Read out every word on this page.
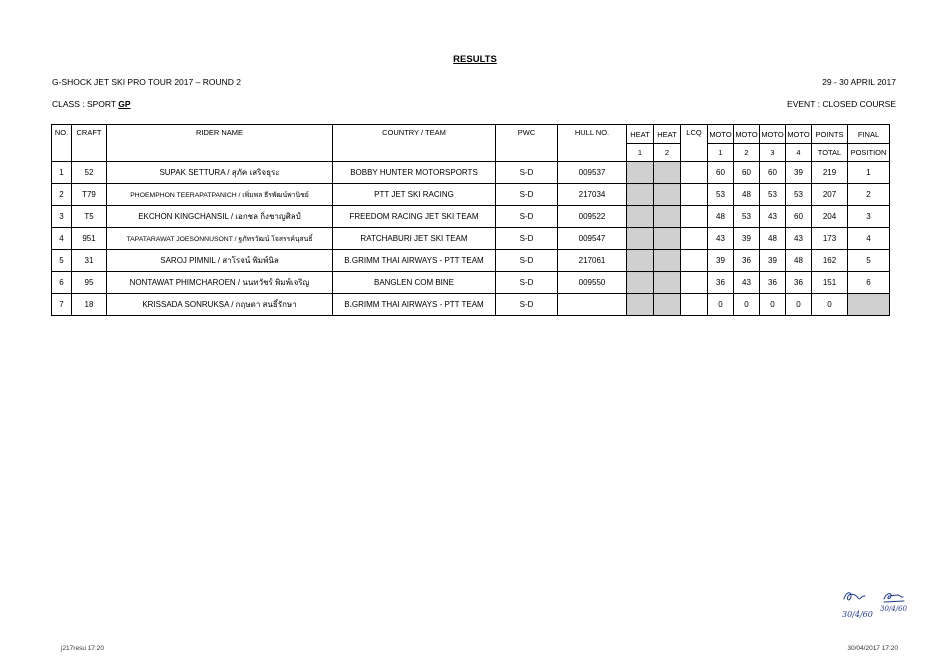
RESULTS
G-SHOCK JET SKI PRO TOUR 2017 – ROUND 2	29 - 30 APRIL 2017
CLASS : SPORT GP	EVENT : CLOSED COURSE
NO.	CRAFT	RIDER NAME	COUNTRY / TEAM	PWC	HULL NO.	HEAT	HEAT	LCQ	MOTO	MOTO	MOTO	MOTO	POINTS	FINAL
						1	2		1	2	3	4	TOTAL	POSITION
1	52	SUPAK SETTURA / สุภัค เสริจธุระ	BOBBY HUNTER MOTORSPORTS	S-D	009537				60	60	60	39	219	1
2	T79	PHOEMPHON TEERAPATPANICH / เพิ่มพล ธีรพัฒน์พานิชย์	PTT JET SKI RACING	S-D	217034				53	48	53	53	207	2
3	T5	EKCHON KINGCHANSIL / เอกชล กิ่งชาญศิลป์	FREEDOM RACING JET SKI TEAM	S-D	009522				48	53	43	60	204	3
4	951	TAPATARAWAT JOESONNUSONT / ฐภัทรวัฒน์ โจสรรค์นุสนธิ์	RATCHABURI JET SKI TEAM	S-D	009547				43	39	48	43	173	4
5	31	SAROJ PIMNIL / สาโรจน์ พิมพ์นิล	B.GRIMM THAI AIRWAYS - PTT TEAM	S-D	217061				39	36	39	48	162	5
6	95	NONTAWAT PHIMCHAROEN / นนทวัชร์ พิมพ์เจริญ	BANGLEN COM BINE	S-D	009550				36	43	36	36	151	6
7	18	KRISSADA SONRUKSA / กฤษดา สนธิ์รักษา	B.GRIMM THAI AIRWAYS - PTT TEAM	S-D					0	0	0	0	0	
30/4/60
30/4/60
j217resu 17:20	30/04/2017 17:20
